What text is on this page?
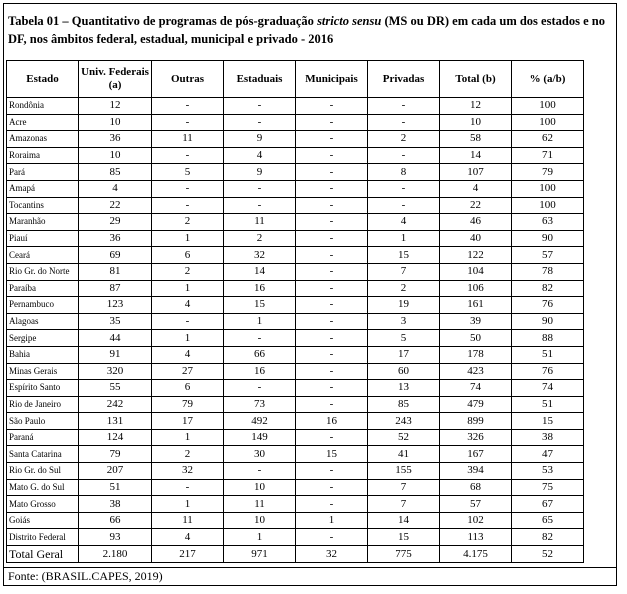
Tabela 01 – Quantitativo de programas de pós-graduação stricto sensu (MS ou DR) em cada um dos estados e no DF, nos âmbitos federal, estadual, municipal e privado - 2016
Estado	Univ. Federais (a)	Outras	Estaduais	Municipais	Privadas	Total (b)	% (a/b)
Rondônia	12	-	-	-	-	12	100
Acre	10	-	-	-	-	10	100
Amazonas	36	11	9	-	2	58	62
Roraima	10	-	4	-	-	14	71
Pará	85	5	9	-	8	107	79
Amapá	4	-	-	-	-	4	100
Tocantins	22	-	-	-	-	22	100
Maranhão	29	2	11	-	4	46	63
Piauí	36	1	2	-	1	40	90
Ceará	69	6	32	-	15	122	57
Rio Gr. do Norte	81	2	14	-	7	104	78
Paraíba	87	1	16	-	2	106	82
Pernambuco	123	4	15	-	19	161	76
Alagoas	35	-	1	-	3	39	90
Sergipe	44	1	-	-	5	50	88
Bahia	91	4	66	-	17	178	51
Minas Gerais	320	27	16	-	60	423	76
Espírito Santo	55	6	-	-	13	74	74
Rio de Janeiro	242	79	73	-	85	479	51
São Paulo	131	17	492	16	243	899	15
Paraná	124	1	149	-	52	326	38
Santa Catarina	79	2	30	15	41	167	47
Rio Gr. do Sul	207	32	-	-	155	394	53
Mato G. do Sul	51	-	10	-	7	68	75
Mato Grosso	38	1	11	-	7	57	67
Goiás	66	11	10	1	14	102	65
Distrito Federal	93	4	1	-	15	113	82
Total Geral	2.180	217	971	32	775	4.175	52
Fonte: (BRASIL.CAPES, 2019)
